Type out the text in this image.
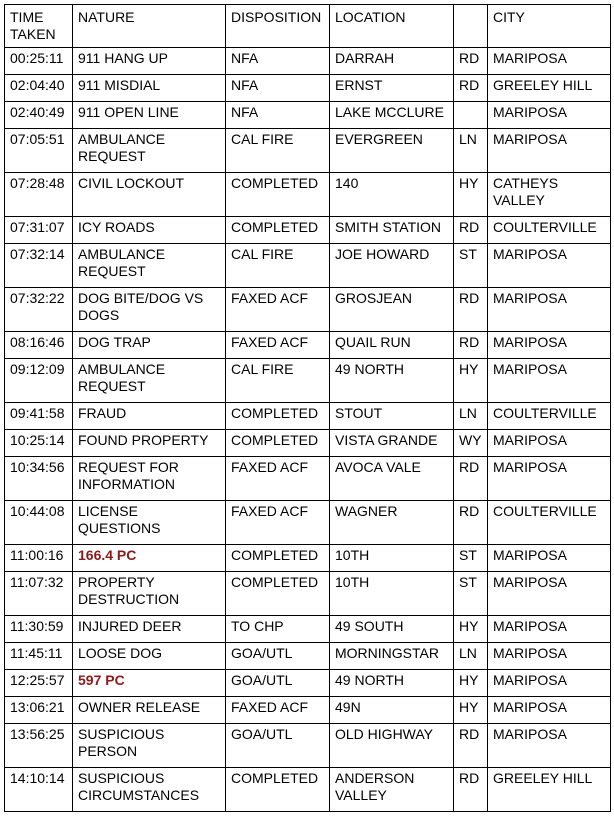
TIME TAKEN	NATURE	DISPOSITION	LOCATION		CITY
00:25:11	911 HANG UP	NFA	DARRAH	RD	MARIPOSA
02:04:40	911 MISDIAL	NFA	ERNST	RD	GREELEY HILL
02:40:49	911 OPEN LINE	NFA	LAKE MCCLURE		MARIPOSA
07:05:51	AMBULANCE REQUEST	CAL FIRE	EVERGREEN	LN	MARIPOSA
07:28:48	CIVIL LOCKOUT	COMPLETED	140	HY	CATHEYS VALLEY
07:31:07	ICY ROADS	COMPLETED	SMITH STATION	RD	COULTERVILLE
07:32:14	AMBULANCE REQUEST	CAL FIRE	JOE HOWARD	ST	MARIPOSA
07:32:22	DOG BITE/DOG VS DOGS	FAXED ACF	GROSJEAN	RD	MARIPOSA
08:16:46	DOG TRAP	FAXED ACF	QUAIL RUN	RD	MARIPOSA
09:12:09	AMBULANCE REQUEST	CAL FIRE	49 NORTH	HY	MARIPOSA
09:41:58	FRAUD	COMPLETED	STOUT	LN	COULTERVILLE
10:25:14	FOUND PROPERTY	COMPLETED	VISTA GRANDE	WY	MARIPOSA
10:34:56	REQUEST FOR INFORMATION	FAXED ACF	AVOCA VALE	RD	MARIPOSA
10:44:08	LICENSE QUESTIONS	FAXED ACF	WAGNER	RD	COULTERVILLE
11:00:16	166.4 PC	COMPLETED	10TH	ST	MARIPOSA
11:07:32	PROPERTY DESTRUCTION	COMPLETED	10TH	ST	MARIPOSA
11:30:59	INJURED DEER	TO CHP	49 SOUTH	HY	MARIPOSA
11:45:11	LOOSE DOG	GOA/UTL	MORNINGSTAR	LN	MARIPOSA
12:25:57	597 PC	GOA/UTL	49 NORTH	HY	MARIPOSA
13:06:21	OWNER RELEASE	FAXED ACF	49N	HY	MARIPOSA
13:56:25	SUSPICIOUS PERSON	GOA/UTL	OLD HIGHWAY	RD	MARIPOSA
14:10:14	SUSPICIOUS CIRCUMSTANCES	COMPLETED	ANDERSON VALLEY	RD	GREELEY HILL
